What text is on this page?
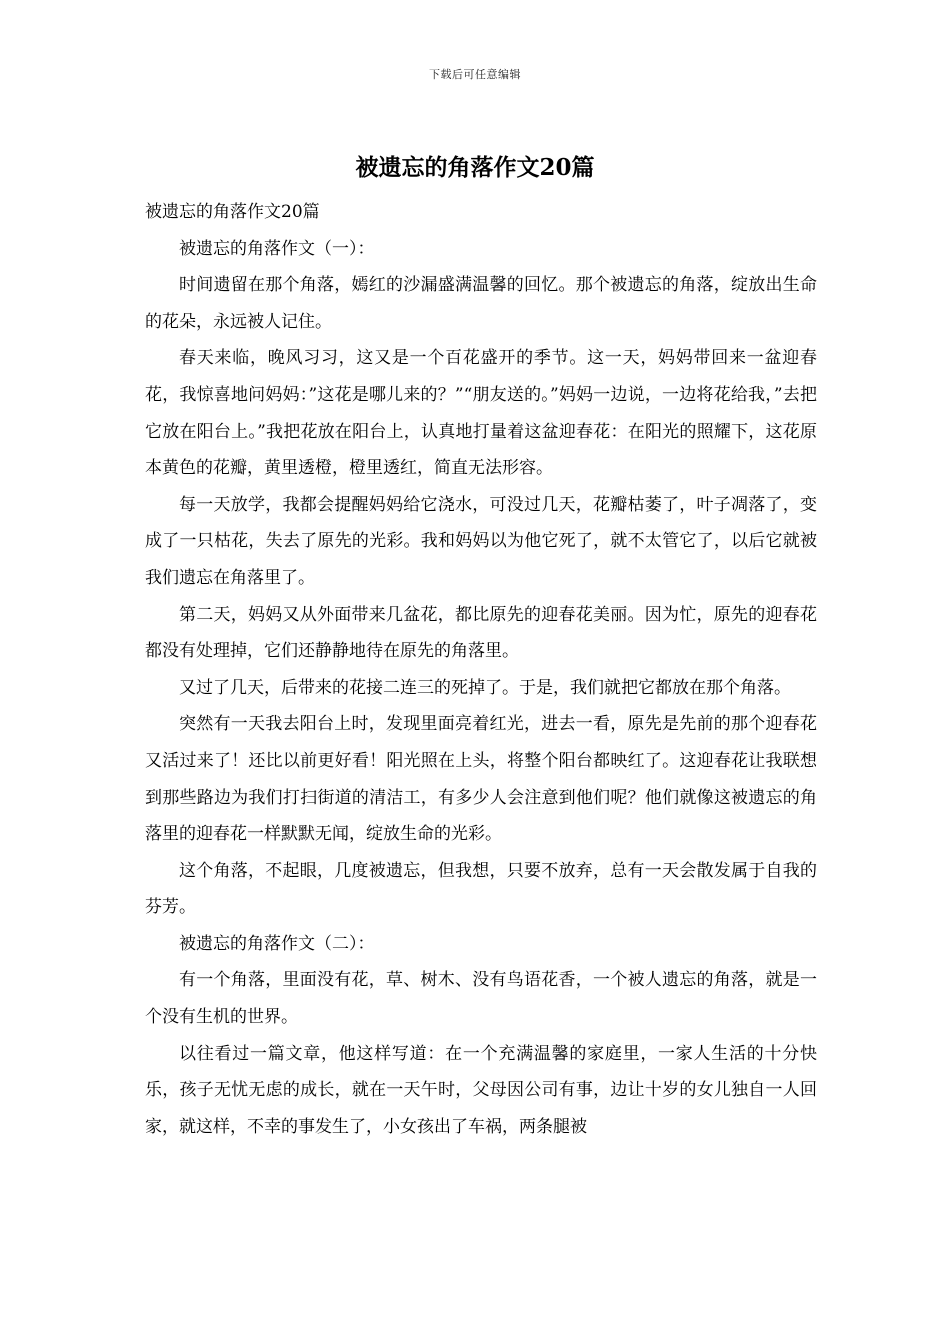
下载后可任意编辑
被遗忘的角落作文20篇

被遗忘的角落作文20篇

被遗忘的角落作文（一）：

时间遗留在那个角落，嫣红的沙漏盛满温馨的回忆。那个被遗忘的角落，绽放出生命的花朵，永远被人记住。

春天来临，晚风习习，这又是一个百花盛开的季节。这一天，妈妈带回来一盆迎春花，我惊喜地问妈妈：”这花是哪儿来的？”“朋友送的。”妈妈一边说，一边将花给我，”去把它放在阳台上。”我把花放在阳台上，认真地打量着这盆迎春花：在阳光的照耀下，这花原本黄色的花瓣，黄里透橙，橙里透红，简直无法形容。

每一天放学，我都会提醒妈妈给它浇水，可没过几天，花瓣枯萎了，叶子凋落了，变成了一只枯花，失去了原先的光彩。我和妈妈以为他它死了，就不太管它了，以后它就被我们遗忘在角落里了。

第二天，妈妈又从外面带来几盆花，都比原先的迎春花美丽。因为忙，原先的迎春花都没有处理掉，它们还静静地待在原先的角落里。

又过了几天，后带来的花接二连三的死掉了。于是，我们就把它都放在那个角落。

突然有一天我去阳台上时，发现里面亮着红光，进去一看，原先是先前的那个迎春花又活过来了！还比以前更好看！阳光照在上头，将整个阳台都映红了。这迎春花让我联想到那些路边为我们打扫街道的清洁工，有多少人会注意到他们呢？他们就像这被遗忘的角落里的迎春花一样默默无闻，绽放生命的光彩。

这个角落，不起眼，几度被遗忘，但我想，只要不放弃，总有一天会散发属于自我的芬芳。

被遗忘的角落作文（二）：

有一个角落，里面没有花，草、树木、没有鸟语花香，一个被人遗忘的角落，就是一个没有生机的世界。

以往看过一篇文章，他这样写道：在一个充满温馨的家庭里，一家人生活的十分快乐，孩子无忧无虑的成长，就在一天午时，父母因公司有事，边让十岁的女儿独自一人回家，就这样，不幸的事发生了，小女孩出了车祸，两条腿被
